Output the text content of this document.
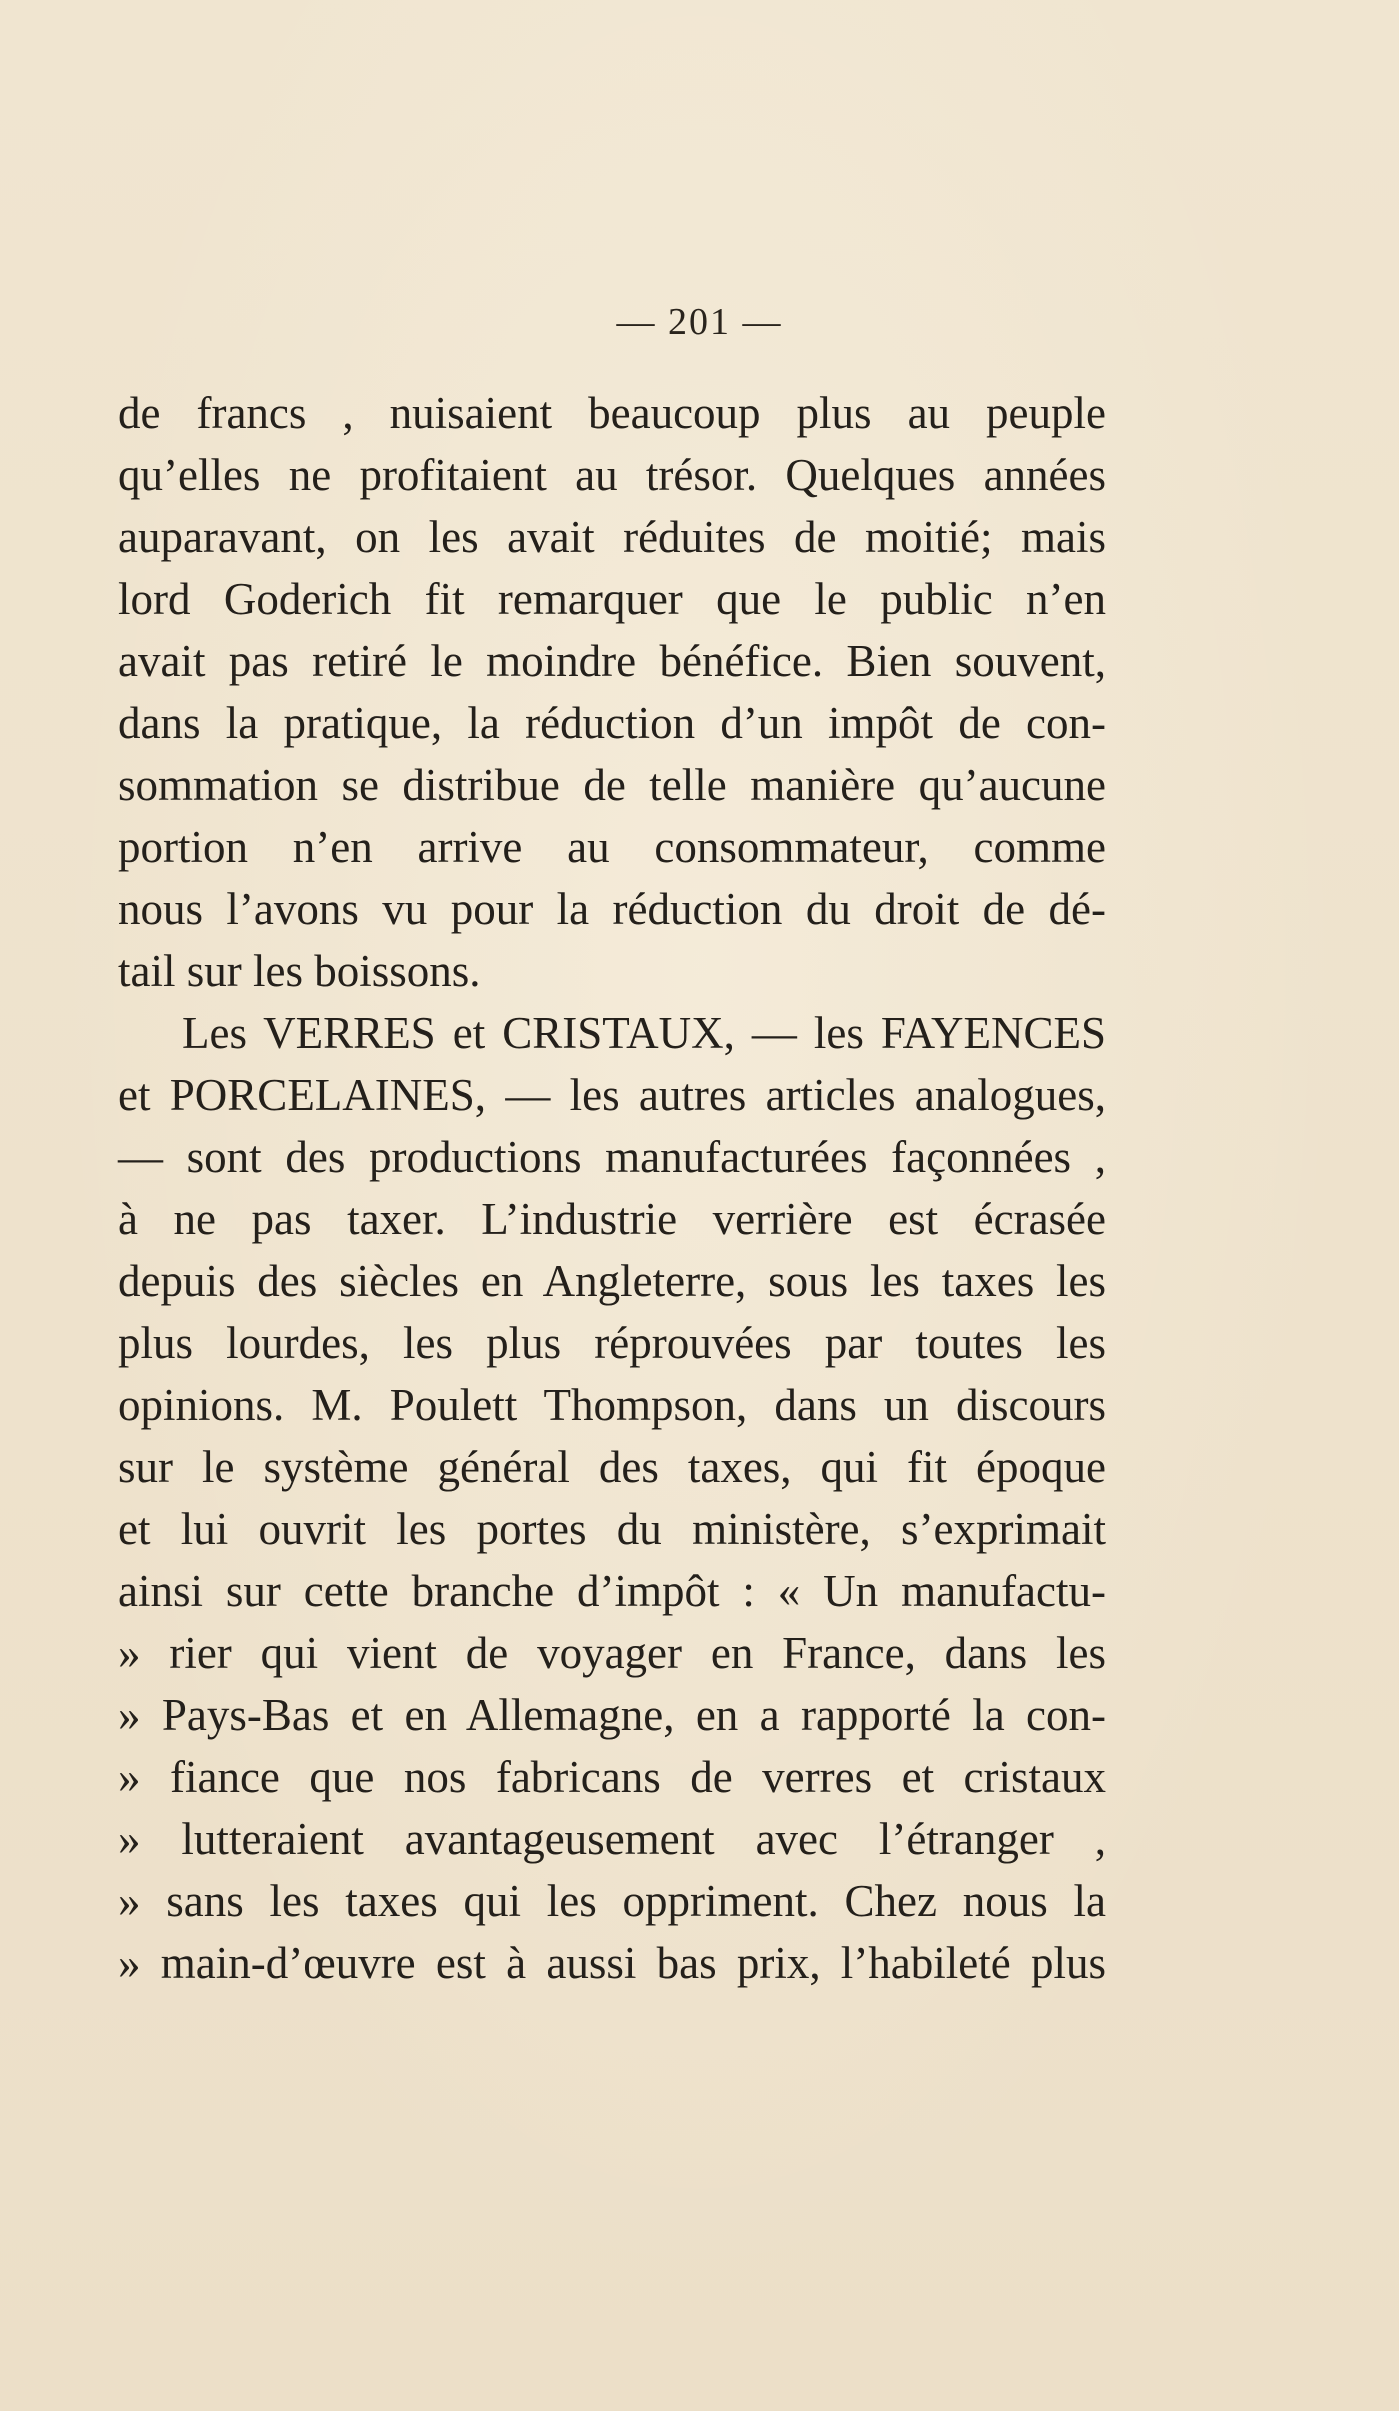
— 201 —
de francs , nuisaient beaucoup plus au peuple
qu’elles ne profitaient au trésor. Quelques années
auparavant, on les avait réduites de moitié; mais
lord Goderich fit remarquer que le public n’en
avait pas retiré le moindre bénéfice. Bien souvent,
dans la pratique, la réduction d’un impôt de con-
sommation se distribue de telle manière qu’aucune
portion n’en arrive au consommateur, comme
nous l’avons vu pour la réduction du droit de dé-
tail sur les boissons.
Les VERRES et CRISTAUX, — les FAYENCES
et PORCELAINES, — les autres articles analogues,
— sont des productions manufacturées façonnées ,
à ne pas taxer. L’industrie verrière est écrasée
depuis des siècles en Angleterre, sous les taxes les
plus lourdes, les plus réprouvées par toutes les
opinions. M. Poulett Thompson, dans un discours
sur le système général des taxes, qui fit époque
et lui ouvrit les portes du ministère, s’exprimait
ainsi sur cette branche d’impôt : « Un manufactu-
» rier qui vient de voyager en France, dans les
» Pays-Bas et en Allemagne, en a rapporté la con-
» fiance que nos fabricans de verres et cristaux
» lutteraient avantageusement avec l’étranger ,
» sans les taxes qui les oppriment. Chez nous la
» main-d’œuvre est à aussi bas prix, l’habileté plus
